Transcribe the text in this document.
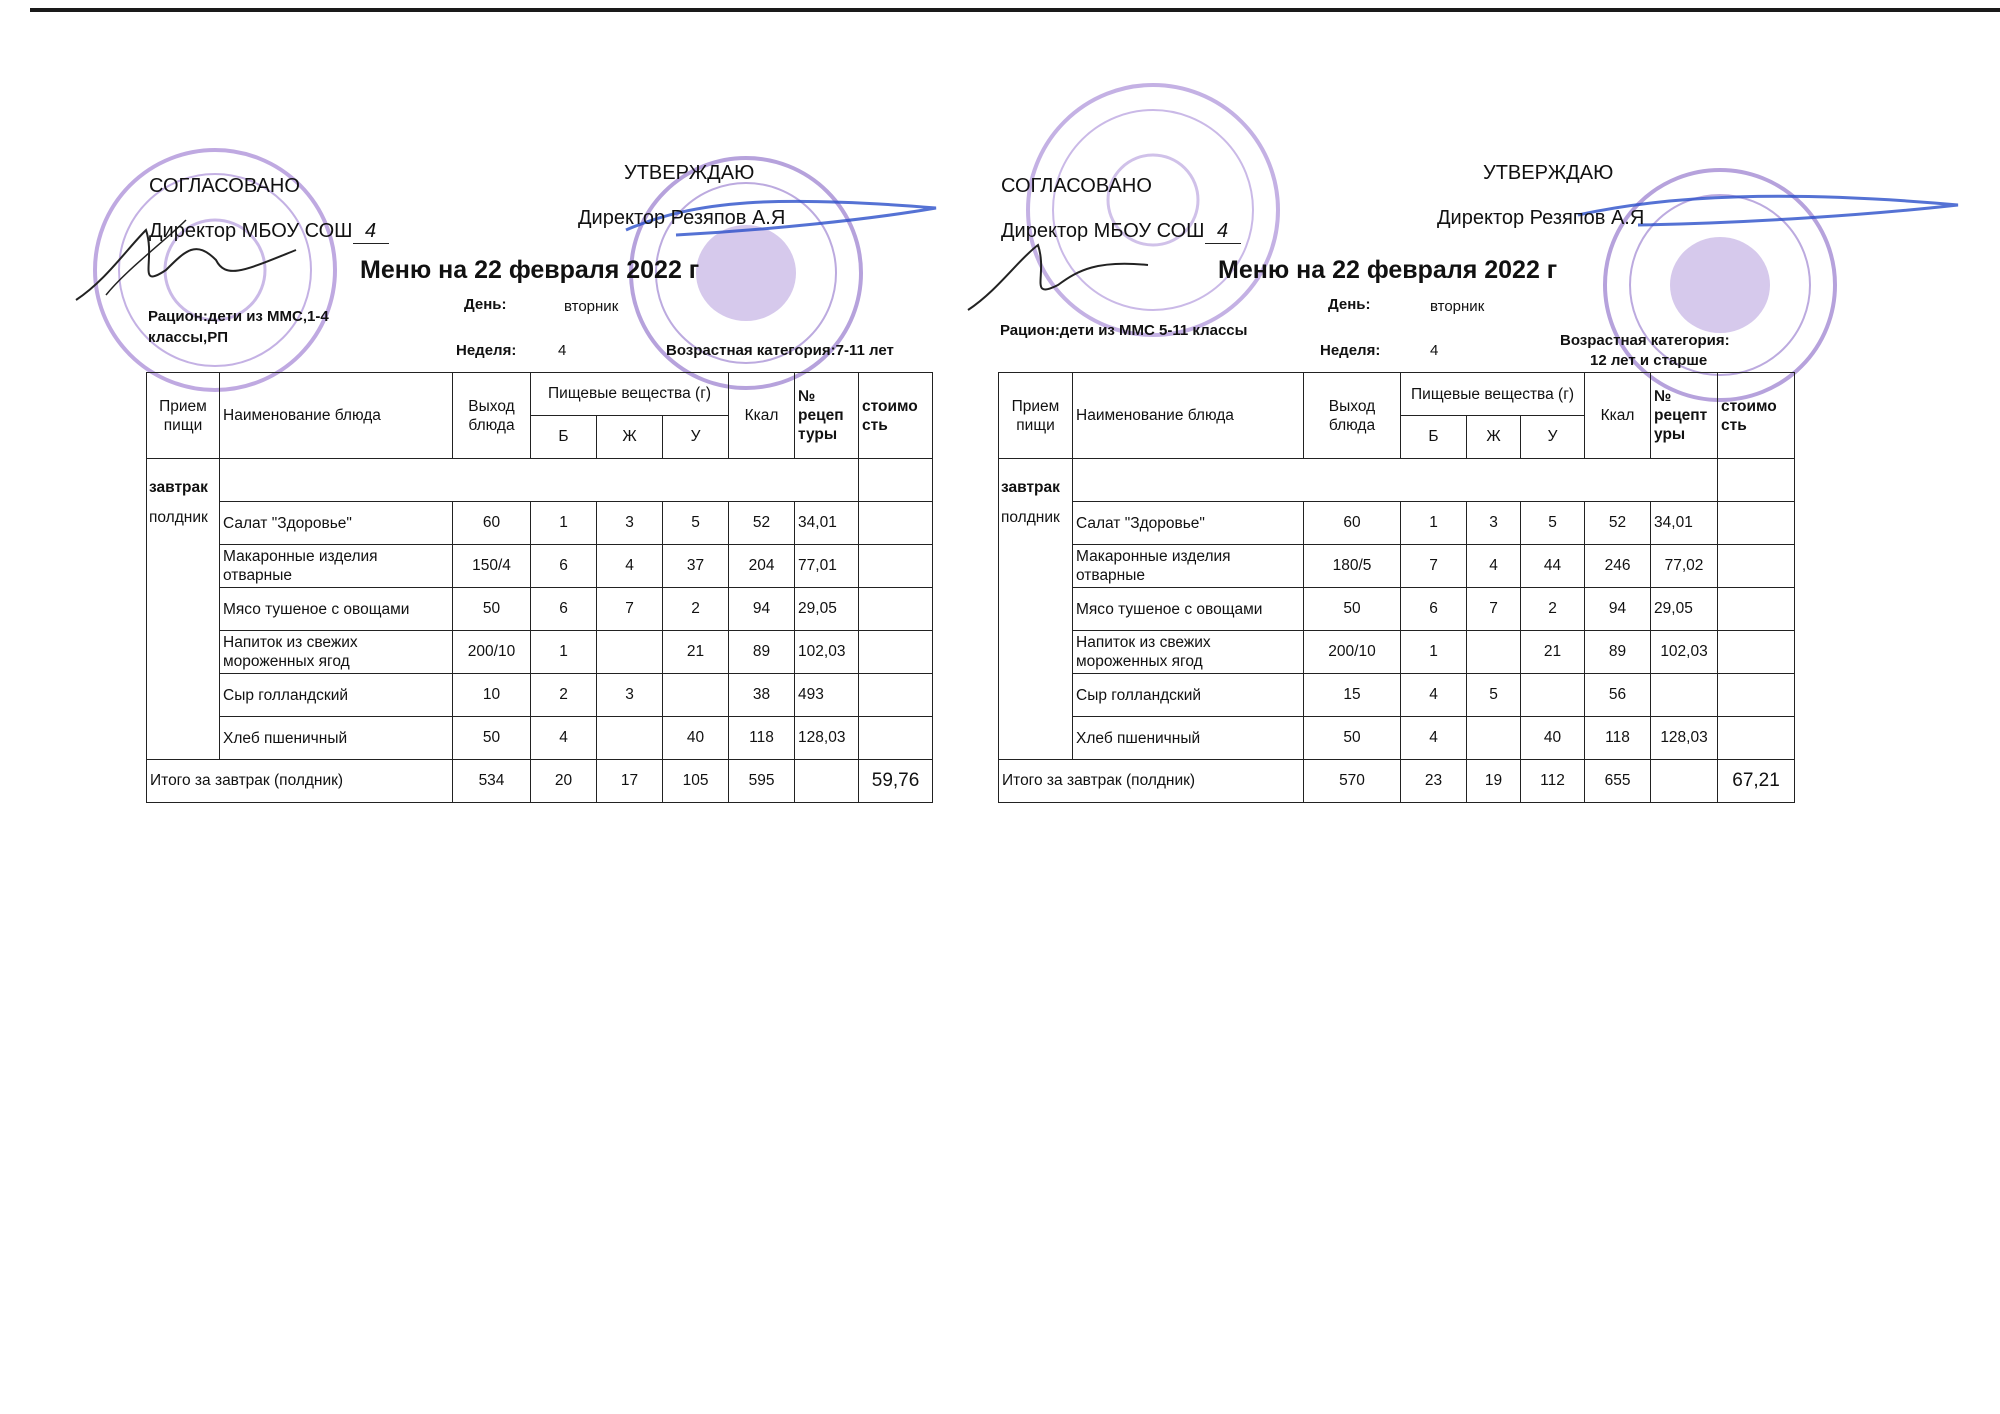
СОГЛАСОВАНО
УТВЕРЖДАЮ
Директор МБОУ СОШ 4
Директор Резяпов А.Я
Меню на 22 февраля 2022 г
Рацион:дети из ММС,1-4 классы,РП
День:	вторник
Неделя:	4	Возрастная категория:7-11 лет
Прием пищи	Наименование блюда	Выход блюда	Пищевые вещества (г)			Ккал	№ рецеп туры	стоимо сть
			Б	Ж	У			

завтрак
полдник								

	Салат "Здоровье"	60	1	3	5	52	34,01	
	Макаронные изделия отварные	150/4	6	4	37	204	77,01	
	Мясо тушеное с овощами	50	6	7	2	94	29,05	
	Напиток из свежих мороженных ягод	200/10	1		21	89	102,03	
	Сыр голландский	10	2	3		38	493	
	Хлеб пшеничный	50	4		40	118	128,03	
Итого за завтрак (полдник)		534	20	17	105	595		59,76
СОГЛАСОВАНО
УТВЕРЖДАЮ
Директор МБОУ СОШ 4
Директор Резяпов А.Я
Меню на 22 февраля 2022 г
Рацион:дети из ММС 5-11 классы
День:	вторник
Неделя:	4
Возрастная категория:
12 лет и старше
Прием пищи	Наименование блюда	Выход блюда	Пищевые вещества (г)			Ккал	№ рецепт уры	стоимо сть
			Б	Ж	У			

завтрак
полдник								

	Салат "Здоровье"	60	1	3	5	52	34,01	
	Макаронные изделия отварные	180/5	7	4	44	246	77,02	
	Мясо тушеное с овощами	50	6	7	2	94	29,05	
	Напиток из свежих мороженных ягод	200/10	1		21	89	102,03	
	Сыр голландский	15	4	5		56		
	Хлеб пшеничный	50	4		40	118	128,03	
Итого за завтрак (полдник)		570	23	19	112	655		67,21
